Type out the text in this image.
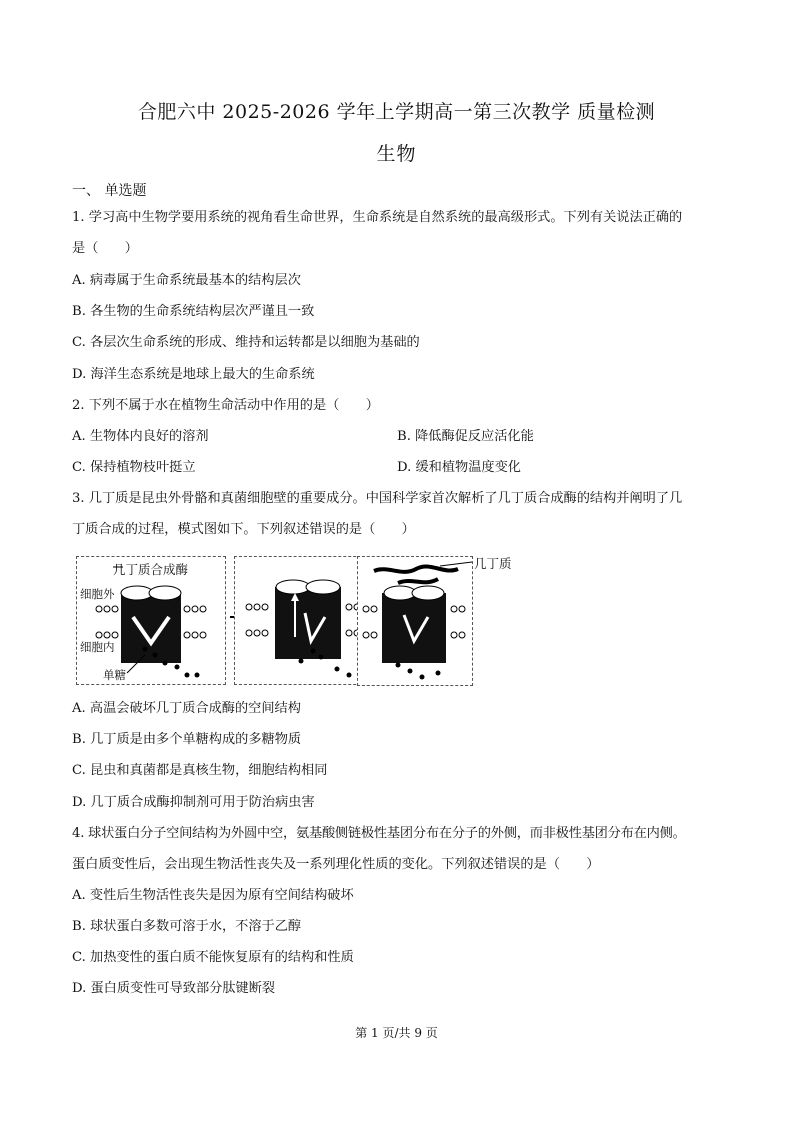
合肥六中 2025-2026 学年上学期高一第三次教学 质量检测
生物
一、 单选题
1. 学习高中生物学要用系统的视角看生命世界，生命系统是自然系统的最高级形式。下列有关说法正确的
是（　　）
A. 病毒属于生命系统最基本的结构层次
B. 各生物的生命系统结构层次严谨且一致
C. 各层次生命系统的形成、维持和运转都是以细胞为基础的
D. 海洋生态系统是地球上最大的生命系统
2. 下列不属于水在植物生命活动中作用的是（　　）
A. 生物体内良好的溶剂	B. 降低酶促反应活化能
C. 保持植物枝叶挺立	D. 缓和植物温度变化
3. 几丁质是昆虫外骨骼和真菌细胞壁的重要成分。中国科学家首次解析了几丁质合成酶的结构并阐明了几
丁质合成的过程，模式图如下。下列叙述错误的是（　　）
几丁质合成酶
细胞外
细胞内
单糖
几丁质
A. 高温会破坏几丁质合成酶的空间结构
B. 几丁质是由多个单糖构成的多糖物质
C. 昆虫和真菌都是真核生物，细胞结构相同
D. 几丁质合成酶抑制剂可用于防治病虫害
4. 球状蛋白分子空间结构为外圆中空，氨基酸侧链极性基团分布在分子的外侧，而非极性基团分布在内侧。
蛋白质变性后，会出现生物活性丧失及一系列理化性质的变化。下列叙述错误的是（　　）
A. 变性后生物活性丧失是因为原有空间结构破坏
B. 球状蛋白多数可溶于水，不溶于乙醇
C. 加热变性的蛋白质不能恢复原有的结构和性质
D. 蛋白质变性可导致部分肽键断裂
第 1 页/共 9 页
